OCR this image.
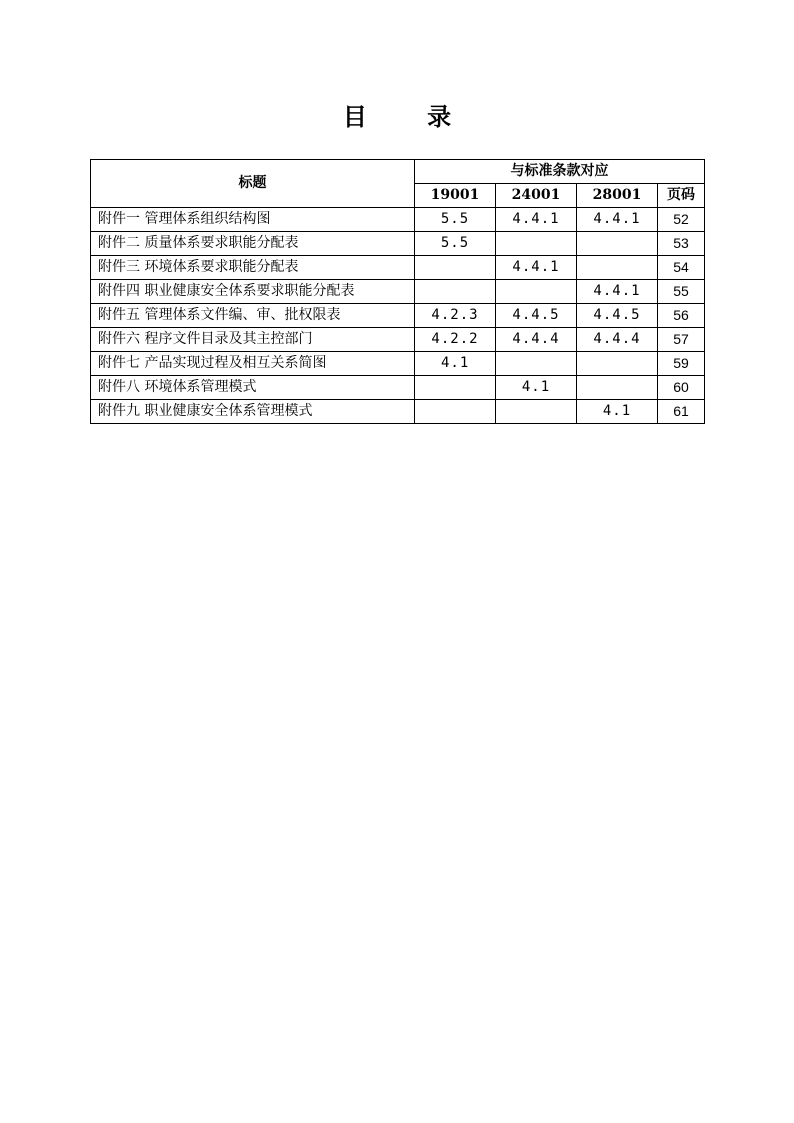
目 录
标题	与标准条款对应			
	19001	24001	28001	页码
附件一 管理体系组织结构图	5.5	4.4.1	4.4.1	52
附件二 质量体系要求职能分配表	5.5			53
附件三 环境体系要求职能分配表		4.4.1		54
附件四 职业健康安全体系要求职能分配表			4.4.1	55
附件五 管理体系文件编、审、批权限表	4.2.3	4.4.5	4.4.5	56
附件六 程序文件目录及其主控部门	4.2.2	4.4.4	4.4.4	57
附件七 产品实现过程及相互关系简图	4.1			59
附件八 环境体系管理模式		4.1		60
附件九 职业健康安全体系管理模式			4.1	61
